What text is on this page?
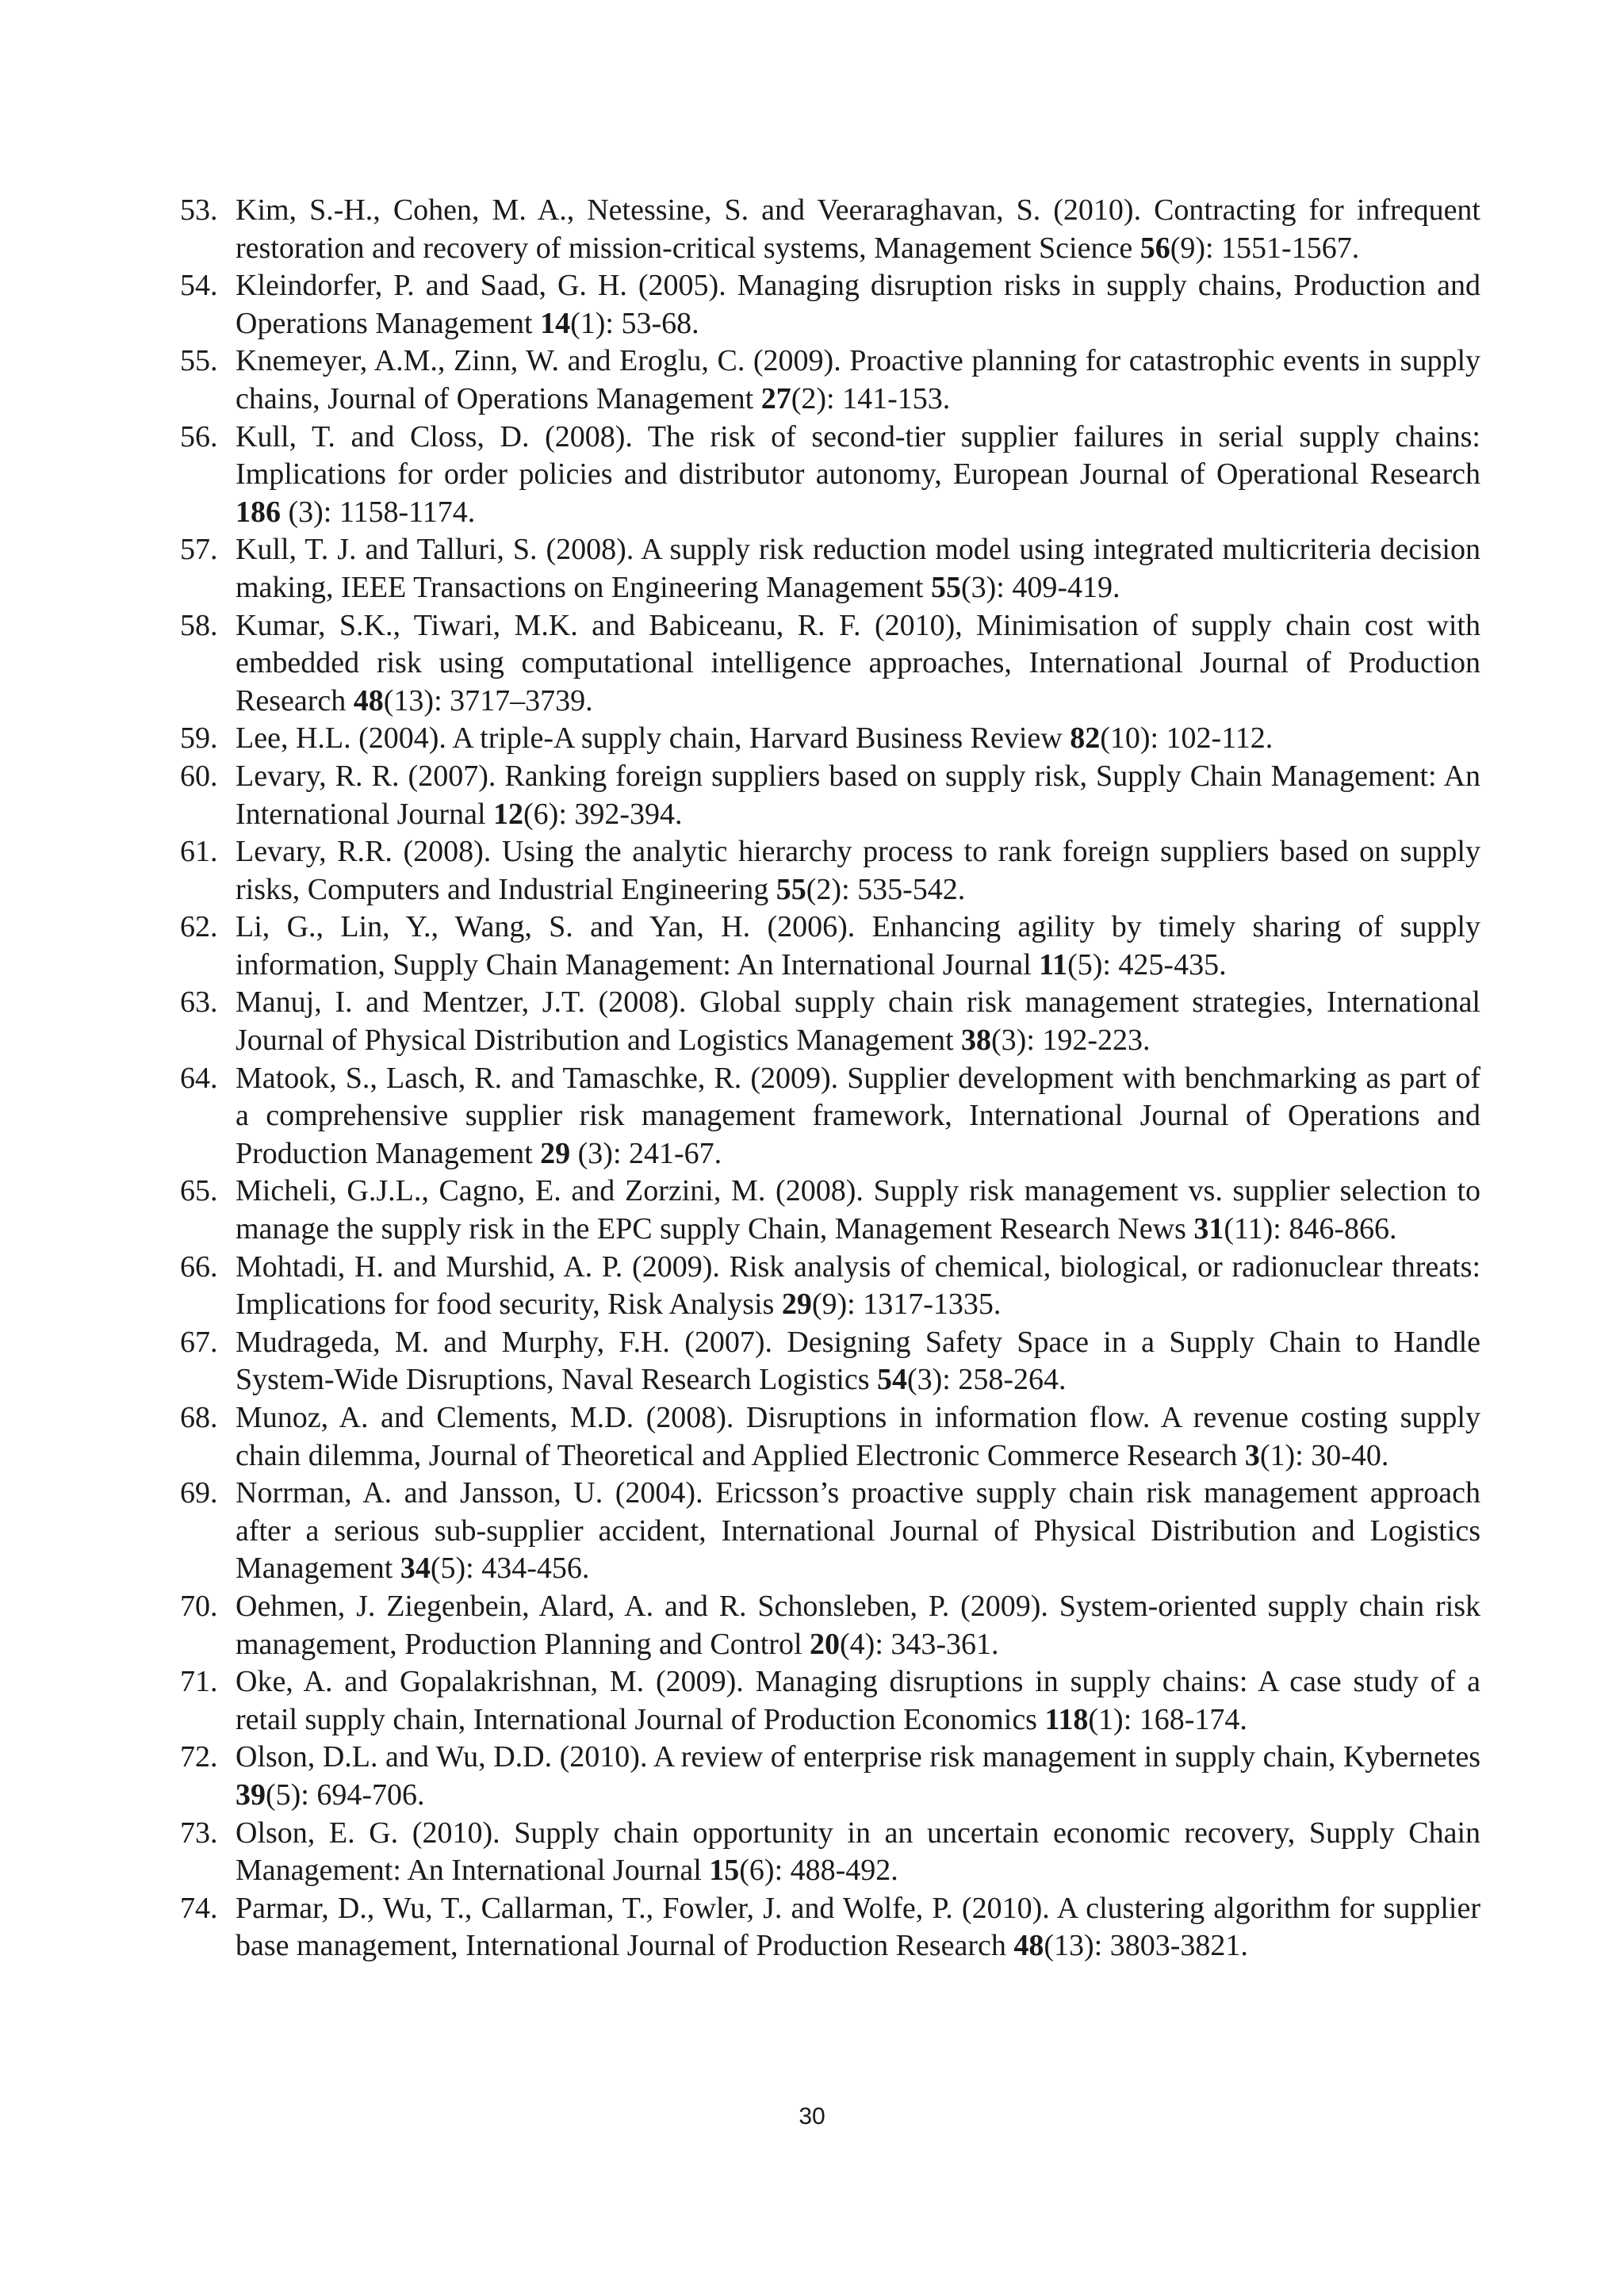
53. Kim, S.-H., Cohen, M. A., Netessine, S. and Veeraraghavan, S. (2010). Contracting for infrequent restoration and recovery of mission-critical systems, Management Science 56(9): 1551-1567.
54. Kleindorfer, P. and Saad, G. H. (2005). Managing disruption risks in supply chains, Production and Operations Management 14(1): 53-68.
55. Knemeyer, A.M., Zinn, W. and Eroglu, C. (2009). Proactive planning for catastrophic events in supply chains, Journal of Operations Management 27(2): 141-153.
56. Kull, T. and Closs, D. (2008). The risk of second-tier supplier failures in serial supply chains: Implications for order policies and distributor autonomy, European Journal of Operational Research 186 (3): 1158-1174.
57. Kull, T. J. and Talluri, S. (2008). A supply risk reduction model using integrated multicriteria decision making, IEEE Transactions on Engineering Management 55(3): 409-419.
58. Kumar, S.K., Tiwari, M.K. and Babiceanu, R. F. (2010), Minimisation of supply chain cost with embedded risk using computational intelligence approaches, International Journal of Production Research 48(13): 3717–3739.
59. Lee, H.L. (2004). A triple-A supply chain, Harvard Business Review 82(10): 102-112.
60. Levary, R. R. (2007). Ranking foreign suppliers based on supply risk, Supply Chain Management: An International Journal 12(6): 392-394.
61. Levary, R.R. (2008). Using the analytic hierarchy process to rank foreign suppliers based on supply risks, Computers and Industrial Engineering 55(2): 535-542.
62. Li, G., Lin, Y., Wang, S. and Yan, H. (2006). Enhancing agility by timely sharing of supply information, Supply Chain Management: An International Journal 11(5): 425-435.
63. Manuj, I. and Mentzer, J.T. (2008). Global supply chain risk management strategies, International Journal of Physical Distribution and Logistics Management 38(3): 192-223.
64. Matook, S., Lasch, R. and Tamaschke, R. (2009). Supplier development with benchmarking as part of a comprehensive supplier risk management framework, International Journal of Operations and Production Management 29 (3): 241-67.
65. Micheli, G.J.L., Cagno, E. and Zorzini, M. (2008). Supply risk management vs. supplier selection to manage the supply risk in the EPC supply Chain, Management Research News 31(11): 846-866.
66. Mohtadi, H. and Murshid, A. P. (2009). Risk analysis of chemical, biological, or radionuclear threats: Implications for food security, Risk Analysis 29(9): 1317-1335.
67. Mudrageda, M. and Murphy, F.H. (2007). Designing Safety Space in a Supply Chain to Handle System-Wide Disruptions, Naval Research Logistics 54(3): 258-264.
68. Munoz, A. and Clements, M.D. (2008). Disruptions in information flow. A revenue costing supply chain dilemma, Journal of Theoretical and Applied Electronic Commerce Research 3(1): 30-40.
69. Norrman, A. and Jansson, U. (2004). Ericsson’s proactive supply chain risk management approach after a serious sub-supplier accident, International Journal of Physical Distribution and Logistics Management 34(5): 434-456.
70. Oehmen, J. Ziegenbein, Alard, A. and R. Schonsleben, P. (2009). System-oriented supply chain risk management, Production Planning and Control 20(4): 343-361.
71. Oke, A. and Gopalakrishnan, M. (2009). Managing disruptions in supply chains: A case study of a retail supply chain, International Journal of Production Economics 118(1): 168-174.
72. Olson, D.L. and Wu, D.D. (2010). A review of enterprise risk management in supply chain, Kybernetes 39(5): 694-706.
73. Olson, E. G. (2010). Supply chain opportunity in an uncertain economic recovery, Supply Chain Management: An International Journal 15(6): 488-492.
74. Parmar, D., Wu, T., Callarman, T., Fowler, J. and Wolfe, P. (2010). A clustering algorithm for supplier base management, International Journal of Production Research 48(13): 3803-3821.
30
